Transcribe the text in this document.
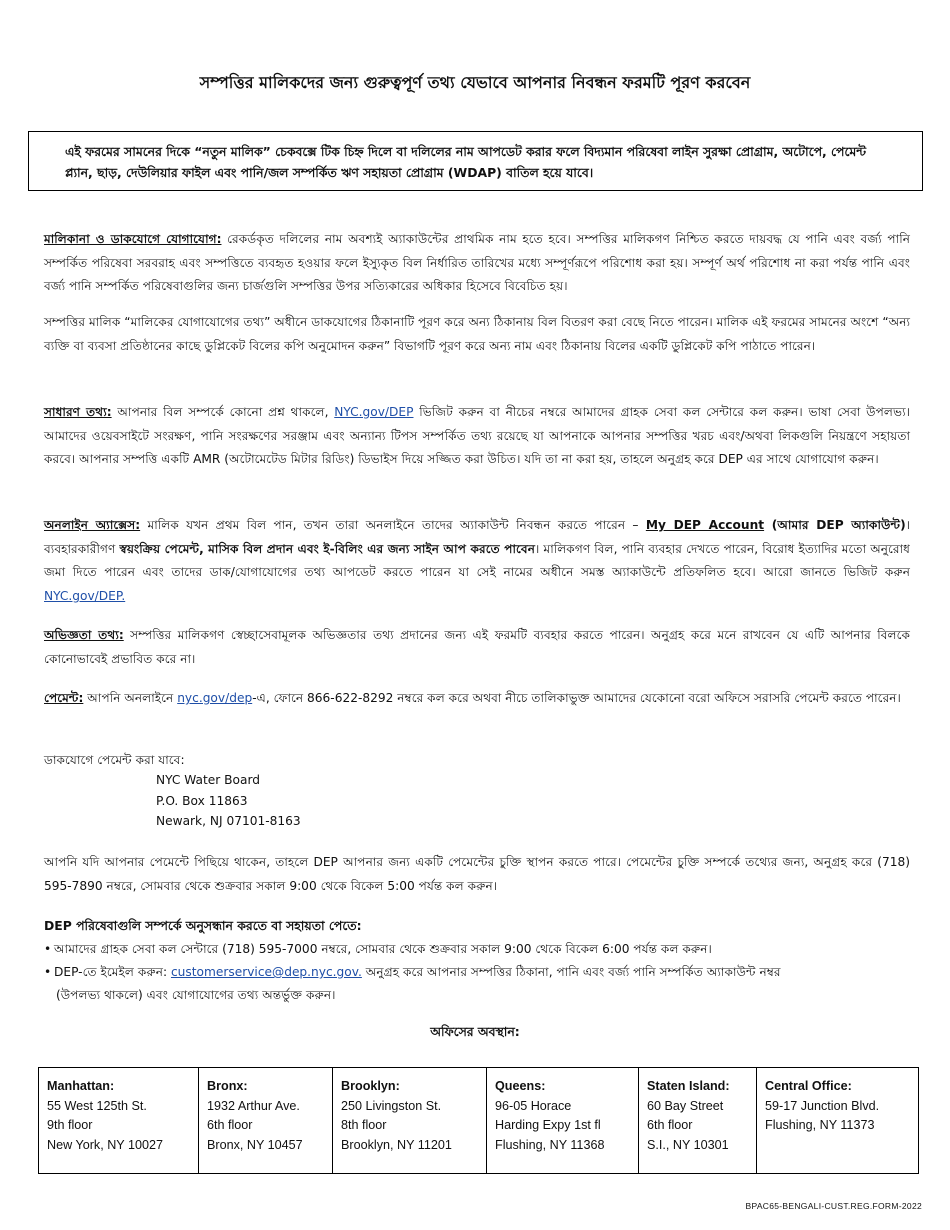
সম্পত্তির মালিকদের জন্য গুরুত্বপূর্ণ তথ্য যেভাবে আপনার নিবন্ধন ফরমটি পূরণ করবেন
এই ফরমের সামনের দিকে “নতুন মালিক” চেকবক্সে টিক চিহ্ন দিলে বা দলিলের নাম আপডেট করার ফলে বিদ্যমান পরিষেবা লাইন সুরক্ষা প্রোগ্রাম, অটোপে, পেমেন্ট প্ল্যান, ছাড়, দেউলিয়ার ফাইল এবং পানি/জল সম্পর্কিত ঋণ সহায়তা প্রোগ্রাম (WDAP) বাতিল হয়ে যাবে।
মালিকানা ও ডাকযোগে যোগাযোগ: রেকর্ডকৃত দলিলের নাম অবশ্যই অ্যাকাউন্টের প্রাথমিক নাম হতে হবে। সম্পত্তির মালিকগণ নিশ্চিত করতে দায়বদ্ধ যে পানি এবং বর্জ্য পানি সম্পর্কিত পরিষেবা সরবরাহ এবং সম্পত্তিতে ব্যবহৃত হওয়ার ফলে ইস্যুকৃত বিল নির্ধারিত তারিখের মধ্যে সম্পূর্ণরূপে পরিশোধ করা হয়। সম্পূর্ণ অর্থ পরিশোধ না করা পর্যন্ত পানি এবং বর্জ্য পানি সম্পর্কিত পরিষেবাগুলির জন্য চার্জগুলি সম্পত্তির উপর সত্যিকারের অধিকার হিসেবে বিবেচিত হয়।
সম্পত্তির মালিক “মালিকের যোগাযোগের তথ্য” অধীনে ডাকযোগের ঠিকানাটি পূরণ করে অন্য ঠিকানায় বিল বিতরণ করা বেছে নিতে পারেন। মালিক এই ফরমের সামনের অংশে “অন্য ব্যক্তি বা ব্যবসা প্রতিষ্ঠানের কাছে ডুপ্লিকেট বিলের কপি অনুমোদন করুন” বিভাগটি পূরণ করে অন্য নাম এবং ঠিকানায় বিলের একটি ডুপ্লিকেট কপি পাঠাতে পারেন।
সাধারণ তথ্য: আপনার বিল সম্পর্কে কোনো প্রশ্ন থাকলে, NYC.gov/DEP ভিজিট করুন বা নীচের নম্বরে আমাদের গ্রাহক সেবা কল সেন্টারে কল করুন। ভাষা সেবা উপলভ্য। আমাদের ওয়েবসাইটে সংরক্ষণ, পানি সংরক্ষণের সরঞ্জাম এবং অন্যান্য টিপস সম্পর্কিত তথ্য রয়েছে যা আপনাকে আপনার সম্পত্তির খরচ এবং/অথবা লিকগুলি নিয়ন্ত্রণে সহায়তা করবে। আপনার সম্পত্তি একটি AMR (অটোমেটেড মিটার রিডিং) ডিভাইস দিয়ে সজ্জিত করা উচিত। যদি তা না করা হয়, তাহলে অনুগ্রহ করে DEP এর সাথে যোগাযোগ করুন।
অনলাইন অ্যাক্সেস: মালিক যখন প্রথম বিল পান, তখন তারা অনলাইনে তাদের অ্যাকাউন্ট নিবন্ধন করতে পারেন – My DEP Account (আমার DEP অ্যাকাউন্ট)। ব্যবহারকারীগণ স্বয়ংক্রিয় পেমেন্ট, মাসিক বিল প্রদান এবং ই-বিলিং এর জন্য সাইন আপ করতে পাবেন। মালিকগণ বিল, পানি ব্যবহার দেখতে পারেন, বিরোধ ইত্যাদির মতো অনুরোধ জমা দিতে পারেন এবং তাদের ডাক/যোগাযোগের তথ্য আপডেট করতে পারেন যা সেই নামের অধীনে সমস্ত অ্যাকাউন্টে প্রতিফলিত হবে। আরো জানতে ভিজিট করুন NYC.gov/DEP.
অভিজ্ঞতা তথ্য: সম্পত্তির মালিকগণ স্বেচ্ছাসেবামূলক অভিজ্ঞতার তথ্য প্রদানের জন্য এই ফরমটি ব্যবহার করতে পারেন। অনুগ্রহ করে মনে রাখবেন যে এটি আপনার বিলকে কোনোভাবেই প্রভাবিত করে না।
পেমেন্ট: আপনি অনলাইনে nyc.gov/dep-এ, ফোনে 866-622-8292 নম্বরে কল করে অথবা নীচে তালিকাভুক্ত আমাদের যেকোনো বরো অফিসে সরাসরি পেমেন্ট করতে পারেন।
ডাকযোগে পেমেন্ট করা যাবে:
NYC Water Board
P.O. Box 11863
Newark, NJ 07101-8163
আপনি যদি আপনার পেমেন্টে পিছিয়ে থাকেন, তাহলে DEP আপনার জন্য একটি পেমেন্টের চুক্তি স্থাপন করতে পারে। পেমেন্টের চুক্তি সম্পর্কে তথ্যের জন্য, অনুগ্রহ করে (718) 595-7890 নম্বরে, সোমবার থেকে শুক্রবার সকাল 9:00 থেকে বিকেল 5:00 পর্যন্ত কল করুন।
DEP পরিষেবাগুলি সম্পর্কে অনুসন্ধান করতে বা সহায়তা পেতে:
• আমাদের গ্রাহক সেবা কল সেন্টারে (718) 595-7000 নম্বরে, সোমবার থেকে শুক্রবার সকাল 9:00 থেকে বিকেল 6:00 পর্যন্ত কল করুন।
• DEP-তে ইমেইল করুন: customerservice@dep.nyc.gov. অনুগ্রহ করে আপনার সম্পত্তির ঠিকানা, পানি এবং বর্জ্য পানি সম্পর্কিত অ্যাকাউন্ট নম্বর
(উপলভ্য থাকলে) এবং যোগাযোগের তথ্য অন্তর্ভুক্ত করুন।
অফিসের অবস্থান:
Manhattan:
55 West 125th St.
9th floor
New York, NY 10027

Bronx:
1932 Arthur Ave.
6th floor
Bronx, NY 10457

Brooklyn:
250 Livingston St.
8th floor
Brooklyn, NY 11201

Queens:
96-05 Horace
Harding Expy 1st fl
Flushing, NY 11368

Staten Island:
60 Bay Street
6th floor
S.I., NY 10301

Central Office:
59-17 Junction Blvd.
Flushing, NY 11373
BPAC65-BENGALI-CUST.REG.FORM-2022
